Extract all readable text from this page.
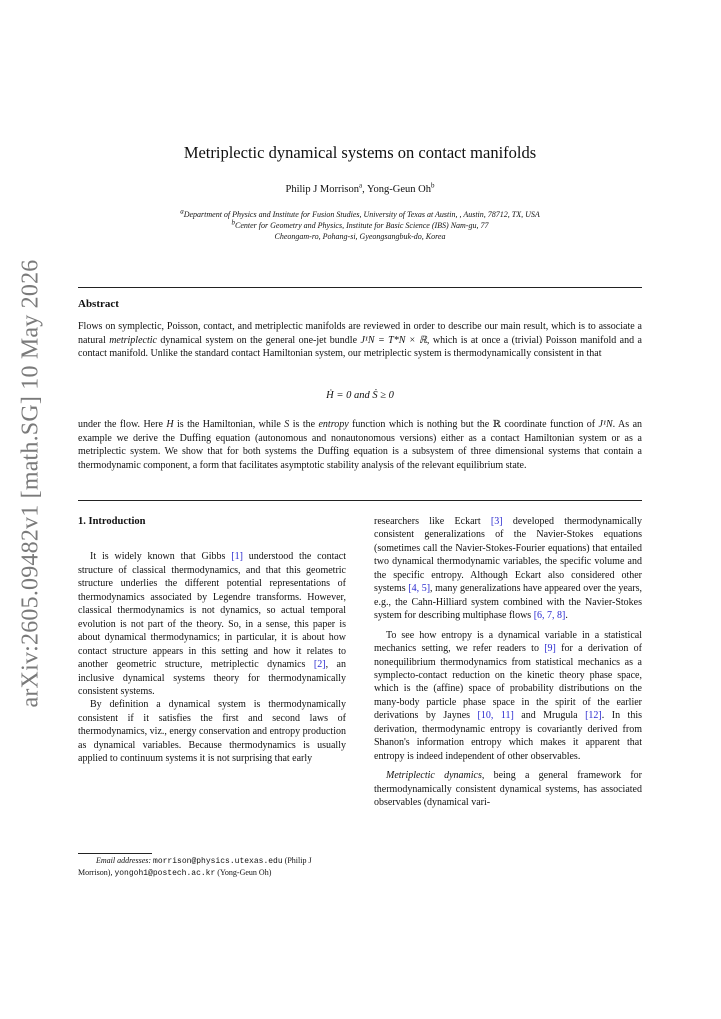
arXiv:2605.09482v1 [math.SG] 10 May 2026
Metriplectic dynamical systems on contact manifolds
Philip J Morrison$^a$, Yong-Geun Oh$^b$
$^a$Department of Physics and Institute for Fusion Studies, University of Texas at Austin, , Austin, 78712, TX, USA
$^b$Center for Geometry and Physics, Institute for Basic Science (IBS) Nam-gu, 77
Cheongam-ro, Pohang-si, Gyeongsangbuk-do, Korea
Abstract
Flows on symplectic, Poisson, contact, and metriplectic manifolds are reviewed in order to describe our main result, which is to associate a natural metriplectic dynamical system on the general one-jet bundle J¹N = T*N × ℝ, which is at once a (trivial) Poisson manifold and a contact manifold. Unlike the standard contact Hamiltonian system, our metriplectic system is thermodynamically consistent in that
Ḣ = 0 and Ṡ ≥ 0
under the flow. Here H is the Hamiltonian, while S is the entropy function which is nothing but the ℝ coordinate function of J¹N. As an example we derive the Duffing equation (autonomous and nonautonomous versions) either as a contact Hamiltonian system or as a metriplectic system. We show that for both systems the Duffing equation is a subsystem of three dimensional systems that contain a thermodynamic component, a form that facilitates asymptotic stability analysis of the relevant equilibrium state.
1. Introduction

It is widely known that Gibbs [1] understood the contact structure of classical thermodynamics, and that this geometric structure underlies the different potential representations of thermodynamics associated by Legendre transforms. However, classical thermodynamics is not dynamics, so actual temporal evolution is not part of the theory. So, in a sense, this paper is about dynamical thermodynamics; in particular, it is about how contact structure appears in this setting and how it relates to another geometric structure, metriplectic dynamics [2], an inclusive dynamical systems theory for thermodynamically consistent systems.

By definition a dynamical system is thermodynamically consistent if it satisfies the first and second laws of thermodynamics, viz., energy conservation and entropy production as dynamical variables. Because thermodynamics is usually applied to continuum systems it is not surprising that early

researchers like Eckart [3] developed thermodynamically consistent generalizations of the Navier-Stokes equations (sometimes call the Navier-Stokes-Fourier equations) that entailed two dynamical thermodynamic variables, the specific volume and the specific entropy. Although Eckart also considered other systems [4, 5], many generalizations have appeared over the years, e.g., the Cahn-Hilliard system combined with the Navier-Stokes system for describing multiphase flows [6, 7, 8].

To see how entropy is a dynamical variable in a statistical mechanics setting, we refer readers to [9] for a derivation of nonequilibrium thermodynamics from statistical mechanics as a symplecto-contact reduction on the kinetic theory phase space, which is the (affine) space of probability distributions on the many-body particle phase space in the spirit of the earlier derivations by Jaynes [10, 11] and Mrugula [12]. In this derivation, thermodynamic entropy is covariantly derived from Shanon's information entropy which makes it apparent that entropy is indeed independent of other observables.

Metriplectic dynamics, being a general framework for thermodynamically consistent dynamical systems, has associated observables (dynamical vari-

Email addresses: morrison@physics.utexas.edu (Philip J Morrison), yongoh1@postech.ac.kr (Yong-Geun Oh)
